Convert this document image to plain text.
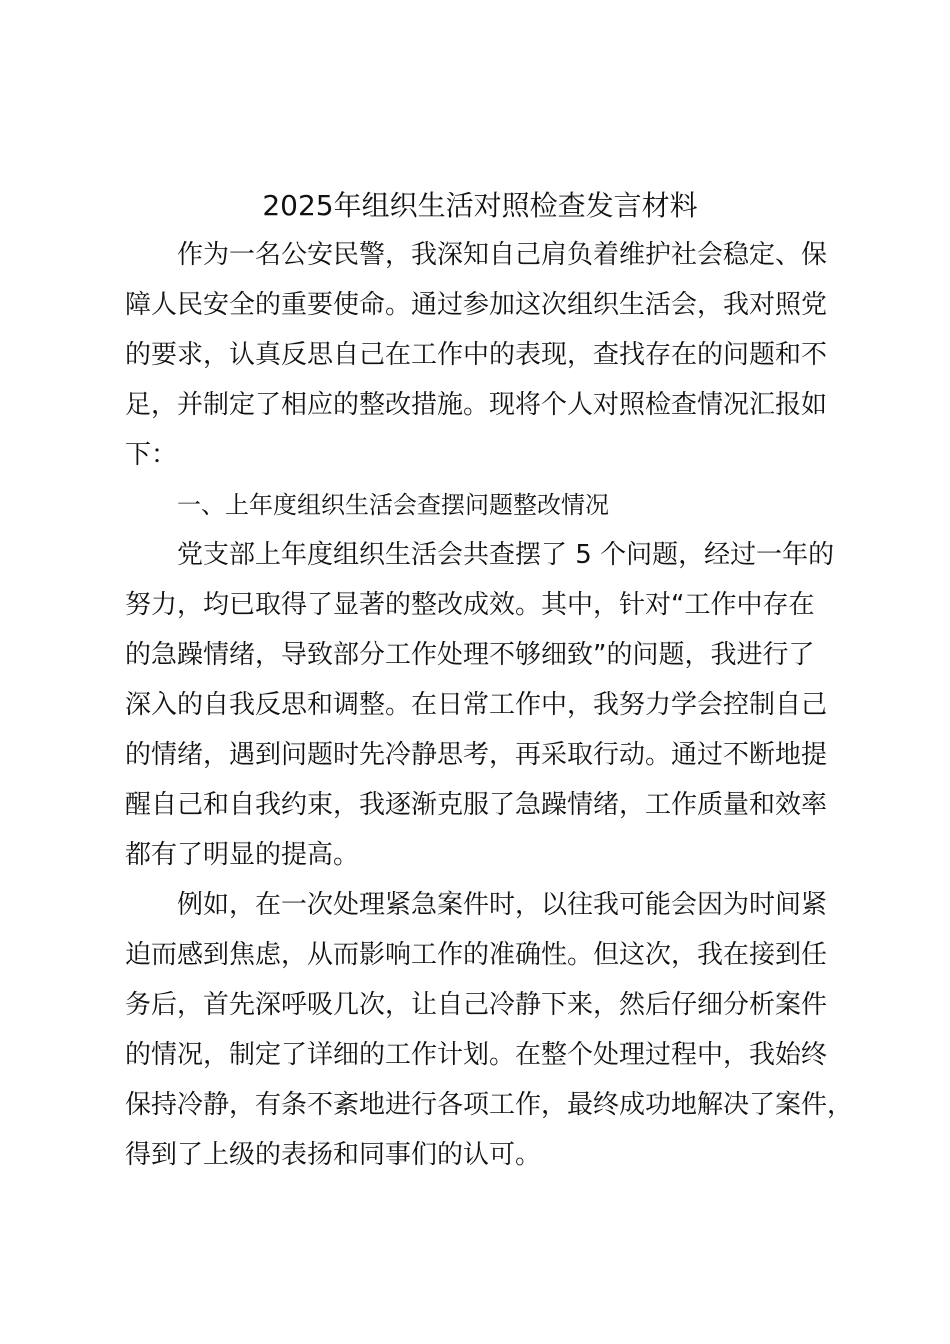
2025年组织生活对照检查发言材料
作为一名公安民警，我深知自己肩负着维护社会稳定、保
障人民安全的重要使命。通过参加这次组织生活会，我对照党
的要求，认真反思自己在工作中的表现，查找存在的问题和不
足，并制定了相应的整改措施。现将个人对照检查情况汇报如
下：
一、上年度组织生活会查摆问题整改情况
党支部上年度组织生活会共查摆了 5 个问题，经过一年的
努力，均已取得了显著的整改成效。其中，针对“工作中存在
的急躁情绪，导致部分工作处理不够细致”的问题，我进行了
深入的自我反思和调整。在日常工作中，我努力学会控制自己
的情绪，遇到问题时先冷静思考，再采取行动。通过不断地提
醒自己和自我约束，我逐渐克服了急躁情绪，工作质量和效率
都有了明显的提高。
例如，在一次处理紧急案件时，以往我可能会因为时间紧
迫而感到焦虑，从而影响工作的准确性。但这次，我在接到任
务后，首先深呼吸几次，让自己冷静下来，然后仔细分析案件
的情况，制定了详细的工作计划。在整个处理过程中，我始终
保持冷静，有条不紊地进行各项工作，最终成功地解决了案件，
得到了上级的表扬和同事们的认可。
